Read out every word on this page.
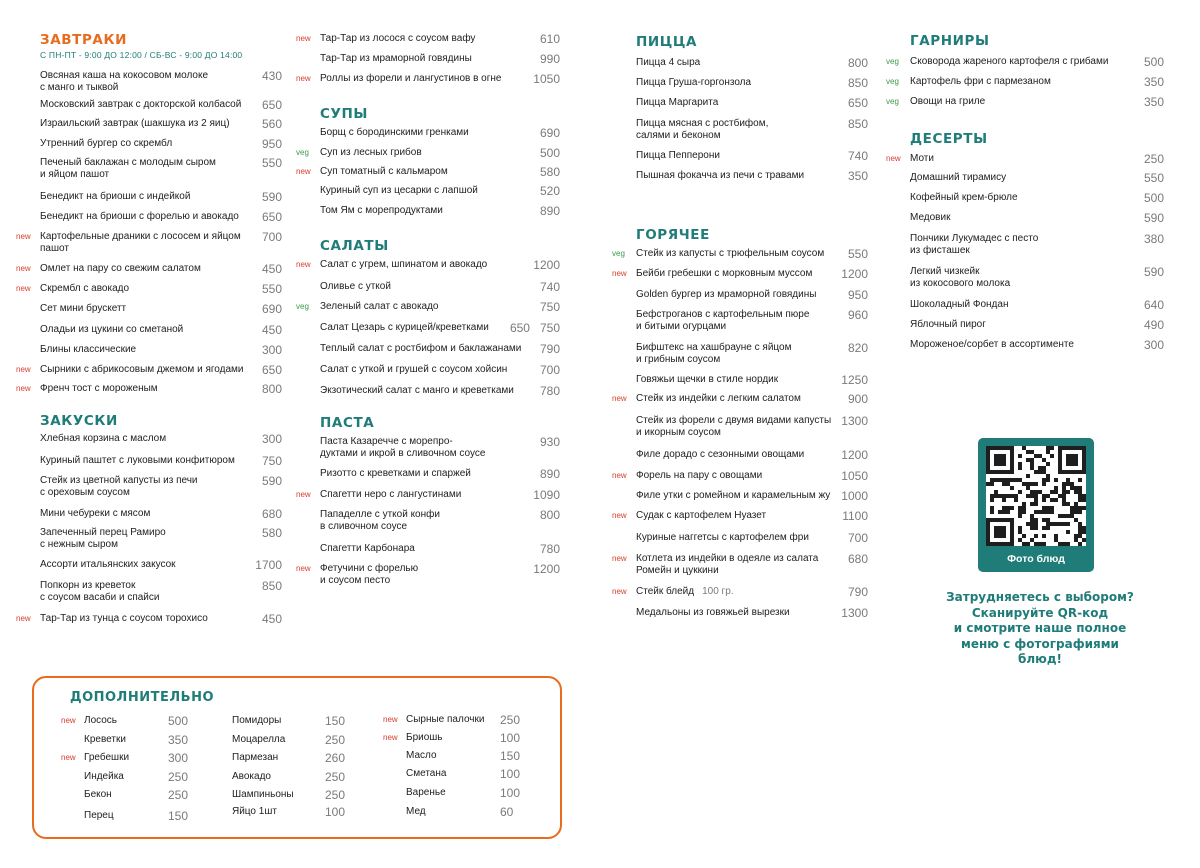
ЗАВТРАКИ
С ПН-ПТ - 9:00 ДО 12:00 / СБ-ВС - 9:00 ДО 14:00
Овсяная каша на кокосовом молоке
с манго и тыквой
430
Московский завтрак с докторской колбасой 650
Израильский завтрак (шакшука из 2 яиц)	560
Утренний бургер со скрембл	950
Печеный баклажан с молодым сыром
и яйцом пашот
550
Бенедикт на бриоши с индейкой	590
Бенедикт на бриоши с форелью и авокадо 650
new Картофельные драники с лососем и яйцом
пашот
700
new Омлет на пару со свежим салатом	450
new Скрембл с авокадо	550
Сет мини брускетт	690
Оладьи из цукини со сметаной	450
Блины классические	300
new Сырники с абрикосовым джемом и ягодами 650
new Френч тост с мороженым	800
ЗАКУСКИ
Хлебная корзина с маслом	300
Куриный паштет с луковыми конфитюром 750
Стейк из цветной капусты из печи
с ореховым соусом
590
Мини чебуреки с мясом	680
Запеченный перец Рамиро
с нежным сыром
580
Ассорти итальянских закусок	1700
Попкорн из креветок
с соусом васаби и спайси
850
new Тар-Тар из тунца с соусом торохисо	450
new Тар-Тар из лосося с соусом вафу	610
Тар-Тар из мраморной говядины	990
new Роллы из форели и лангустинов в огне	1050
СУПЫ
Борщ с бородинскими гренками	690
veg	Суп из лесных грибов	500
new Суп томатный с кальмаром	580
Куриный суп из цесарки с лапшой	520
Том Ям с морепродуктами	890
САЛАТЫ
new Салат с угрем, шпинатом и авокадо	1200
Оливье с уткой	740
veg	Зеленый салат с авокадо	750
Салат Цезарь с курицей/креветками 650 750
Теплый салат с ростбифом и баклажанами 790
Салат с уткой и грушей с соусом хойсин	700
Экзотический салат с манго и креветками 780
ПАСТА
Паста Казаречче с морепро-
дуктами и икрой в сливочном соусе
930
Ризотто с креветками и спаржей	890
new Спагетти неро с лангустинами	1090
Пападелле с уткой конфи
в сливочном соусе
800
Спагетти Карбонара	780
new Фетучини с форелью
и соусом песто
1200
ПИЦЦА
Пицца 4 сыра	800
Пицца Груша-горгонзола	850
Пицца Маргарита	650
Пицца мясная с ростбифом,
салями и беконом
850
Пицца Пепперони	740
Пышная фокачча из печи с травами	350
ГОРЯЧЕЕ
veg	Стейк из капусты с трюфельным соусом 550
new Бейби гребешки с морковным муссом 1200
Golden бургер из мраморной говядины	950
Бефстроганов с картофельным пюре
и битыми огурцами
960
Бифштекс на хашбрауне с яйцом
и грибным соусом
820
Говяжьи щечки в стиле нордик	1250
new Стейк из индейки с легким салатом	900
Стейк из форели с двумя видами капусты
и икорным соусом
1300
Филе дорадо с сезонными овощами	1200
new Форель на пару с овощами	1050
Филе утки с ромейном и карамельным жу 1000
new Судак с картофелем Нуазет	1100
Куриные наггетсы с картофелем фри	700
new Котлета из индейки в одеяле из салата
Ромейн и цуккини
680
new Стейк блейд 100 гр.	790
Медальоны из говяжьей вырезки	1300
ГАРНИРЫ
veg	Сковорода жареного картофеля с грибами	500
veg	Картофель фри с пармезаном	350
veg	Овощи на гриле	350
ДЕСЕРТЫ
new Моти	250
Домашний тирамису	550
Кофейный крем-брюле	500
Медовик	590
Пончики Лукумадес с песто
из фисташек
380
Легкий чизкейк
из кокосового молока
590
Шоколадный Фондан	640
Яблочный пирог	490
Мороженое/сорбет в ассортименте	300
Фото блюд
Затрудняетесь с выбором?
Сканируйте QR-код
и смотрите наше полное
меню с фотографиями
блюд!
ДОПОЛНИТЕЛЬНО
new Лосось	500
Креветки	350
new Гребешки	300
Индейка	250
Бекон	250
Перец	150
Помидоры	150
Моцарелла	250
Пармезан	260
Авокадо	250
Шампиньоны	250
Яйцо 1шт	100
new Сырные палочки 250
new Бриошь	100
Масло	150
Сметана	100
Варенье	100
Мед	60
